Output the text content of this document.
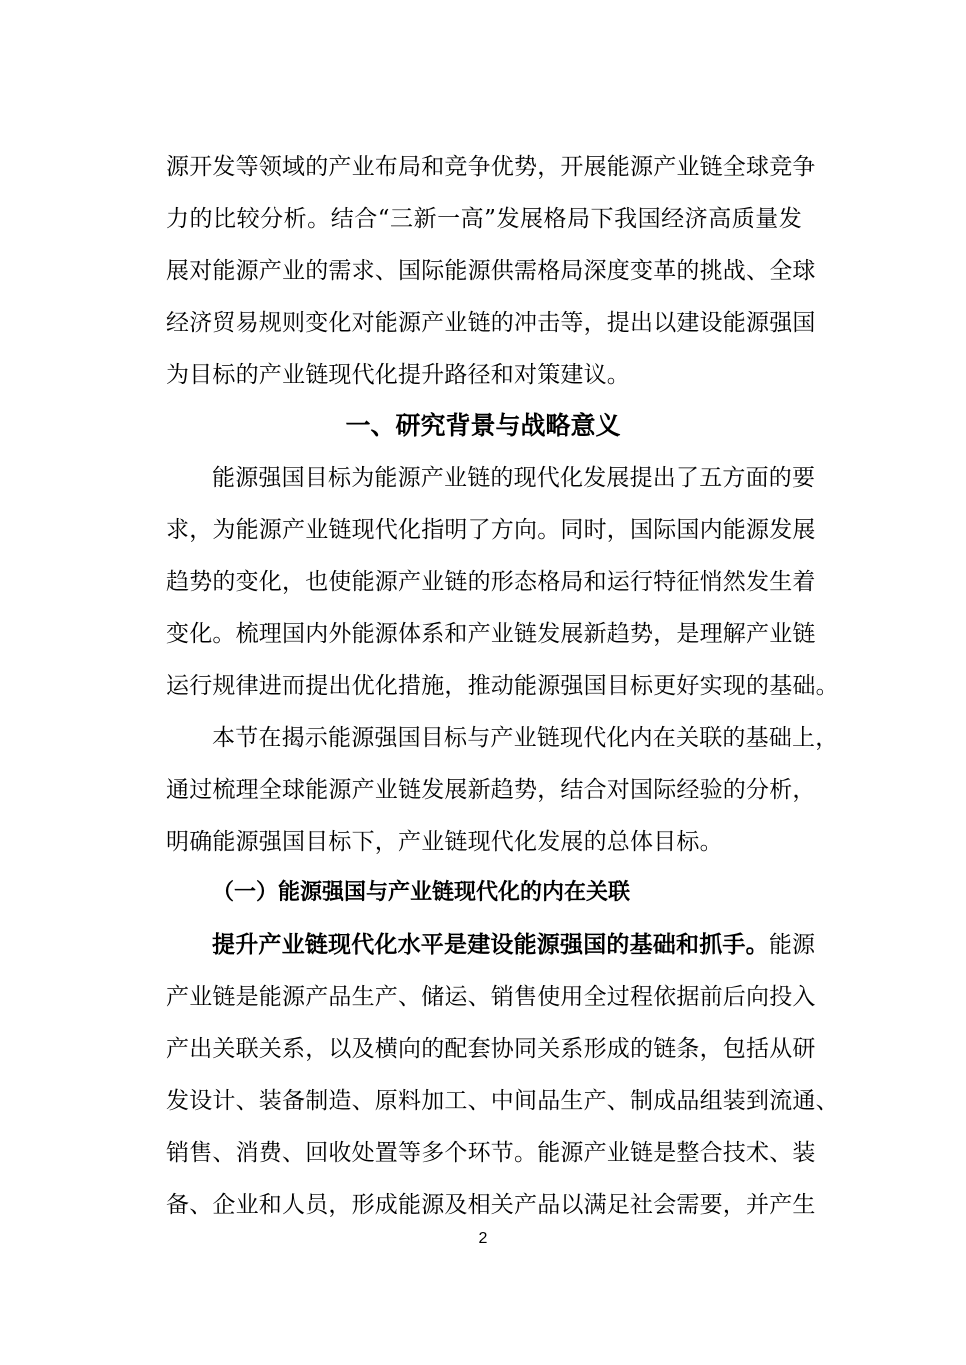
源开发等领域的产业布局和竞争优势，开展能源产业链全球竞争
力的比较分析。结合“三新一高”发展格局下我国经济高质量发
展对能源产业的需求、国际能源供需格局深度变革的挑战、全球
经济贸易规则变化对能源产业链的冲击等，提出以建设能源强国
为目标的产业链现代化提升路径和对策建议。
一、研究背景与战略意义
能源强国目标为能源产业链的现代化发展提出了五方面的要
求，为能源产业链现代化指明了方向。同时，国际国内能源发展
趋势的变化，也使能源产业链的形态格局和运行特征悄然发生着
变化。梳理国内外能源体系和产业链发展新趋势，是理解产业链
运行规律进而提出优化措施，推动能源强国目标更好实现的基础。
本节在揭示能源强国目标与产业链现代化内在关联的基础上，
通过梳理全球能源产业链发展新趋势，结合对国际经验的分析，
明确能源强国目标下，产业链现代化发展的总体目标。
（一）能源强国与产业链现代化的内在关联
提升产业链现代化水平是建设能源强国的基础和抓手。能源
产业链是能源产品生产、储运、销售使用全过程依据前后向投入
产出关联关系，以及横向的配套协同关系形成的链条，包括从研
发设计、装备制造、原料加工、中间品生产、制成品组装到流通、
销售、消费、回收处置等多个环节。能源产业链是整合技术、装
备、企业和人员，形成能源及相关产品以满足社会需要，并产生
2
